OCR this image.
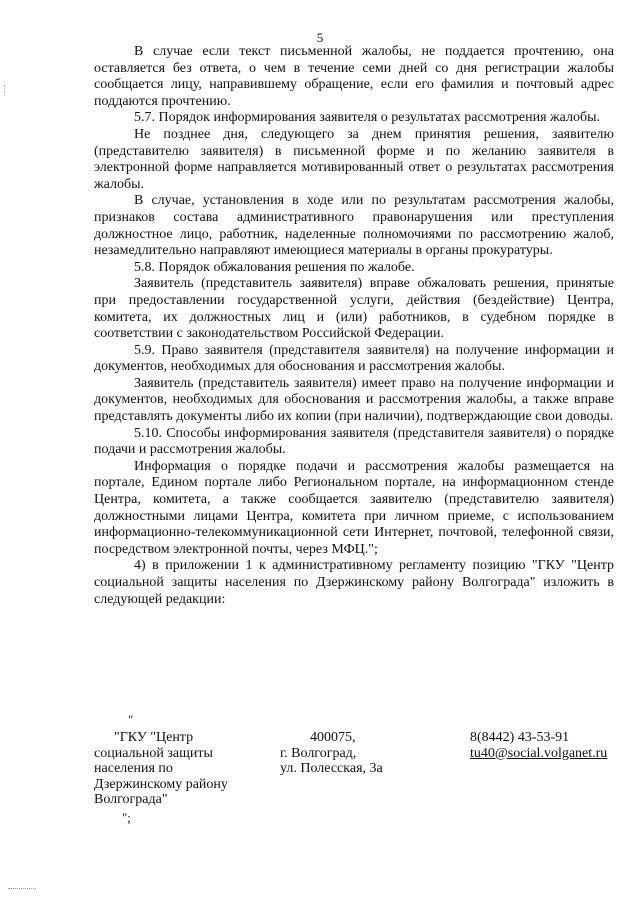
5

В случае если текст письменной жалобы, не поддается прочтению, она оставляется без ответа, о чем в течение семи дней со дня регистрации жалобы сообщается лицу, направившему обращение, если его фамилия и почтовый адрес поддаются прочтению.

5.7. Порядок информирования заявителя о результатах рассмотрения жалобы.

Не позднее дня, следующего за днем принятия решения, заявителю (представителю заявителя) в письменной форме и по желанию заявителя в электронной форме направляется мотивированный ответ о результатах рассмотрения жалобы.

В случае, установления в ходе или по результатам рассмотрения жалобы, признаков состава административного правонарушения или преступления должностное лицо, работник, наделенные полномочиями по рассмотрению жалоб, незамедлительно направляют имеющиеся материалы в органы прокуратуры.

5.8. Порядок обжалования решения по жалобе.

Заявитель (представитель заявителя) вправе обжаловать решения, принятые при предоставлении государственной услуги, действия (бездействие) Центра, комитета, их должностных лиц и (или) работников, в судебном порядке в соответствии с законодательством Российской Федерации.

5.9. Право заявителя (представителя заявителя) на получение информации и документов, необходимых для обоснования и рассмотрения жалобы.

Заявитель (представитель заявителя) имеет право на получение информации и документов, необходимых для обоснования и рассмотрения жалобы, а также вправе представлять документы либо их копии (при наличии), подтверждающие свои доводы.

5.10. Способы информирования заявителя (представителя заявителя) о порядке подачи и рассмотрения жалобы.

Информация о порядке подачи и рассмотрения жалобы размещается на портале, Едином портале либо Региональном портале, на информационном стенде Центра, комитета, а также сообщается заявителю (представителю заявителя) должностными лицами Центра, комитета при личном приеме, с использованием информационно-телекоммуникационной сети Интернет, почтовой, телефонной связи, посредством электронной почты, через МФЦ.";

4) в приложении 1 к административному регламенту позицию "ГКУ "Центр социальной защиты населения по Дзержинскому району Волгограда" изложить в следующей редакции:

"
"ГКУ "Центр
социальной защиты
населения по
Дзержинскому району
Волгограда"
400075,
г. Волгоград,
ул. Полесская, 3а
8(8442) 43-53-91
tu40@social.volganet.ru
";
